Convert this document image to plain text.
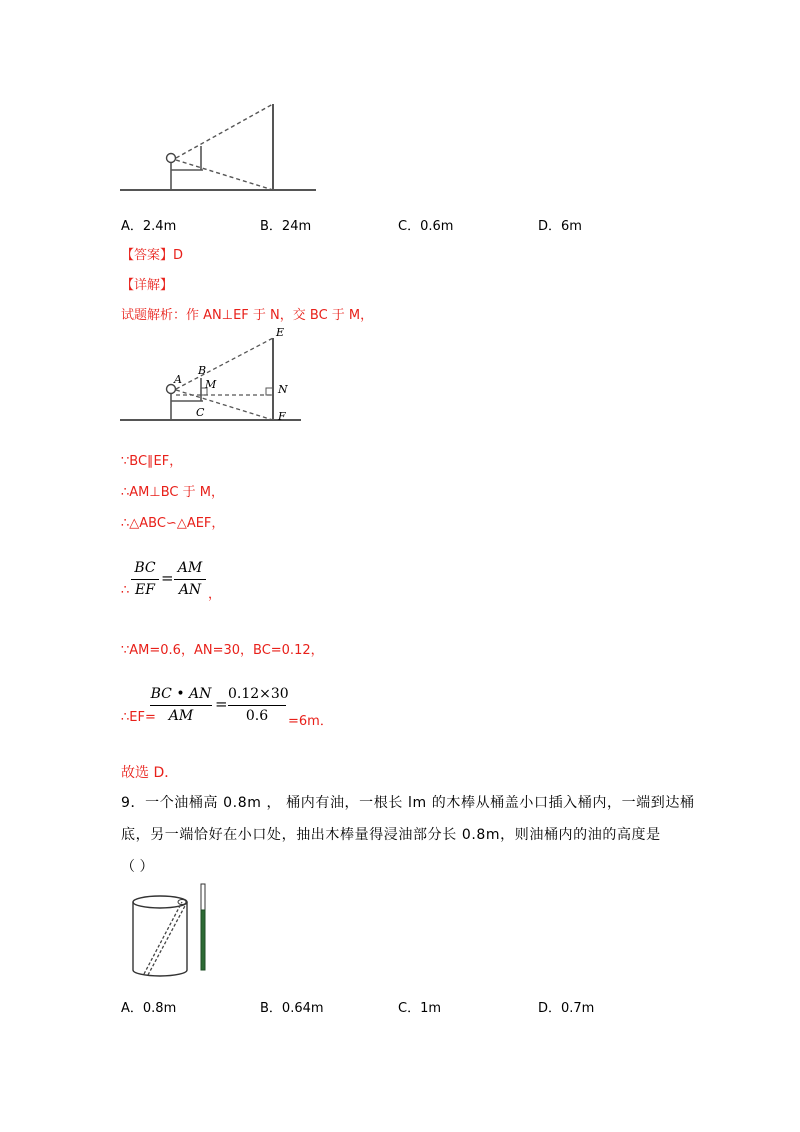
A．2.4m	B．24m	C．0.6m	D．6m
【答案】D
【详解】
试题解析：作 AN⊥EF 于 N，交 BC 于 M，
E
B
A M	N
C	F
∵BC∥EF，
∴AM⊥BC 于 M，
∴△ABC∽△AEF，
∴
BC
EF
=
AM
AN ，
∵AM=0.6，AN=30，BC=0.12，
∴EF=
BC • AN
AM
=
0.12×30
0.6	=6m．
故选 D．
9．一个油桶高 0.8m ， 桶内有油，一根长 lm 的木棒从桶盖小口插入桶内，一端到达桶
底，另一端恰好在小口处，抽出木棒量得浸油部分长 0.8m，则油桶内的油的高度是
（ ）
A．0.8m	B．0.64m	C．1m	D．0.7m
